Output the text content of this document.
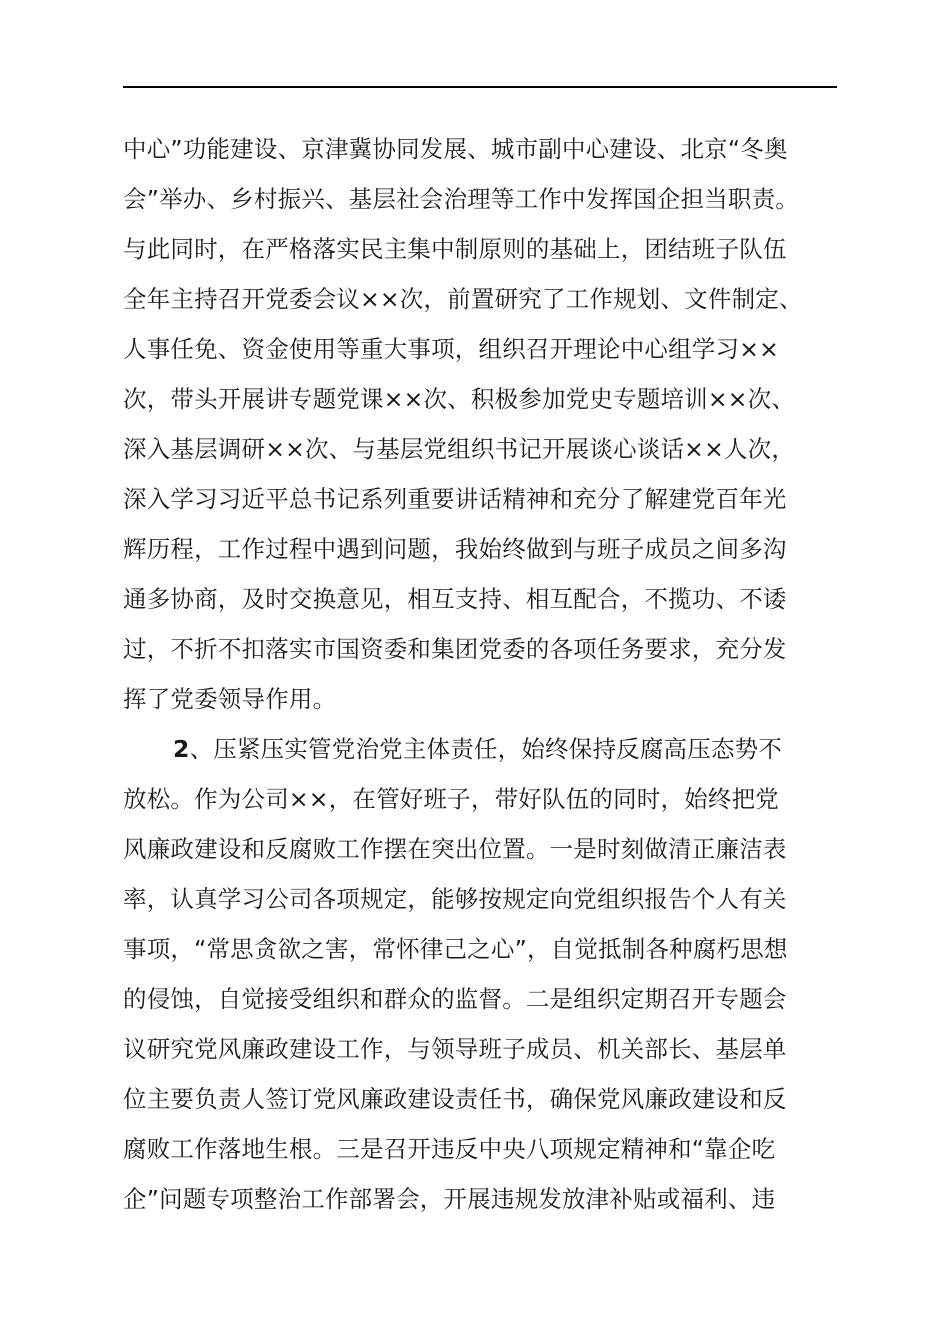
中心”功能建设、京津冀协同发展、城市副中心建设、北京“冬奥
会”举办、乡村振兴、基层社会治理等工作中发挥国企担当职责。
与此同时，在严格落实民主集中制原则的基础上，团结班子队伍
全年主持召开党委会议××次，前置研究了工作规划、文件制定、
人事任免、资金使用等重大事项，组织召开理论中心组学习××
次，带头开展讲专题党课××次、积极参加党史专题培训××次、
深入基层调研××次、与基层党组织书记开展谈心谈话××人次，
深入学习习近平总书记系列重要讲话精神和充分了解建党百年光
辉历程，工作过程中遇到问题，我始终做到与班子成员之间多沟
通多协商，及时交换意见，相互支持、相互配合，不揽功、不诿
过，不折不扣落实市国资委和集团党委的各项任务要求，充分发
挥了党委领导作用。
2、压紧压实管党治党主体责任，始终保持反腐高压态势不
放松。作为公司××，在管好班子，带好队伍的同时，始终把党
风廉政建设和反腐败工作摆在突出位置。一是时刻做清正廉洁表
率，认真学习公司各项规定，能够按规定向党组织报告个人有关
事项，“常思贪欲之害，常怀律己之心”，自觉抵制各种腐朽思想
的侵蚀，自觉接受组织和群众的监督。二是组织定期召开专题会
议研究党风廉政建设工作，与领导班子成员、机关部长、基层单
位主要负责人签订党风廉政建设责任书，确保党风廉政建设和反
腐败工作落地生根。三是召开违反中央八项规定精神和“靠企吃
企”问题专项整治工作部署会，开展违规发放津补贴或福利、违
